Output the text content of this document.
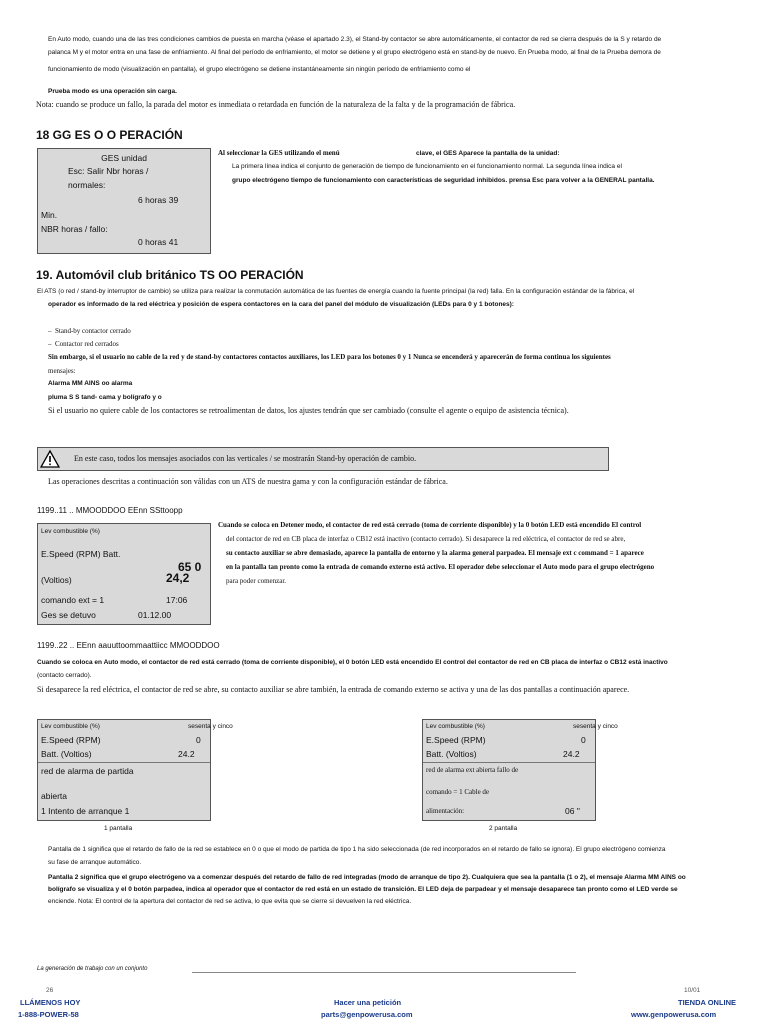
En Auto modo, cuando una de las tres condiciones cambios de puesta en marcha (véase el apartado 2.3), el Stand-by contactor se abre automáticamente, el contactor de red se cierra después de la S y retardo de
palanca M y el motor entra en una fase de enfriamiento. Al final del período de enfriamiento, el motor se detiene y el grupo electrógeno está en stand-by de nuevo. En Prueba modo, al final de la Prueba demora de
funcionamiento de modo (visualización en pantalla), el grupo electrógeno se detiene instantáneamente sin ningún período de enfriamiento como el
Prueba modo es una operación sin carga.
Nota: cuando se produce un fallo, la parada del motor es inmediata o retardada en función de la naturaleza de la falta y de la programación de fábrica.
18 GG ES O O PERACIÓN
GES unidad
Esc: Salir Nbr horas /
normales:
6 horas 39
Min.
NBR horas / fallo:
0 horas 41
Al seleccionar la GES utilizando el menú	clave, el GES Aparece la pantalla de la unidad:
La primera línea indica el conjunto de generación de tiempo de funcionamiento en el funcionamiento normal. La segunda línea indica el
grupo electrógeno tiempo de funcionamiento con características de seguridad inhibidos. prensa Esc para volver a la GENERAL pantalla.
19. Automóvil club británico TS OO PERACIÓN
El ATS (o red / stand-by interruptor de cambio) se utiliza para realizar la conmutación automática de las fuentes de energía cuando la fuente principal (la red) falla. En la configuración estándar de la fábrica, el
operador es informado de la red eléctrica y posición de espera contactores en la cara del panel del módulo de visualización (LEDs para 0 y 1 botones):
–  Stand-by contactor cerrado
–  Contactor red cerrados
Sin embargo, si el usuario no cable de la red y de stand-by contactores contactos auxiliares, los LED para los botones 0 y 1 Nunca se encenderá y aparecerán de forma continua los siguientes
mensajes:
Alarma MM AINS oo alarma
pluma S S tand- cama y bolígrafo y o
Si el usuario no quiere cable de los contactores se retroalimentan de datos, los ajustes tendrán que ser cambiado (consulte el agente o equipo de asistencia técnica).
En este caso, todos los mensajes asociados con las verticales / se mostrarán Stand-by operación de cambio.
Las operaciones descritas a continuación son válidas con un ATS de nuestra gama y con la configuración estándar de fábrica.
1199..11 .. MMOODDOO EEnn SSttoopp
Lev combustible (%)
E.Speed (RPM) Batt.
65 0
(Voltios)	24,2
comando ext = 1	17:06
Ges se detuvo	01.12.00
Cuando se coloca en Detener modo, el contactor de red está cerrado (toma de corriente disponible) y la 0 botón LED está encendido El control
del contactor de red en CB placa de interfaz o CB12 está inactivo (contacto cerrado). Si desaparece la red eléctrica, el contactor de red se abre,
su contacto auxiliar se abre demasiado, aparece la pantalla de entorno y la alarma general parpadea. El mensaje ext c command = 1 aparece
en la pantalla tan pronto como la entrada de comando externo está activo. El operador debe seleccionar el Auto modo para el grupo electrógeno
para poder comenzar.
1199..22 .. EEnn aauuttoommaattiicc MMOODDOO
Cuando se coloca en Auto modo, el contactor de red está cerrado (toma de corriente disponible), el 0 botón LED está encendido El control del contactor de red en CB placa de interfaz o CB12 está inactivo
(contacto cerrado).
Si desaparece la red eléctrica, el contactor de red se abre, su contacto auxiliar se abre también, la entrada de comando externo se activa y una de las dos pantallas a continuación aparece.
Lev combustible (%)	sesenta y cinco
E.Speed (RPM)	0
Batt. (Voltios)	24.2
red de alarma de partida
abierta
1 Intento de arranque 1
1 pantalla
Lev combustible (%)	sesenta y cinco
E.Speed (RPM)	0
Batt. (Voltios)	24.2
red de alarma ext abierta fallo de
comando = 1 Cable de
alimentación:	06 "
2 pantalla
Pantalla de 1 significa que el retardo de fallo de la red se establece en 0 o que el modo de partida de tipo 1 ha sido seleccionada (de red incorporados en el retardo de fallo se ignora). El grupo electrógeno comienza
su fase de arranque automático.
Pantalla 2 significa que el grupo electrógeno va a comenzar después del retardo de fallo de red integradas (modo de arranque de tipo 2). Cualquiera que sea la pantalla (1 o 2), el mensaje Alarma MM AINS oo
bolígrafo se visualiza y el 0 botón parpadea, indica al operador que el contactor de red está en un estado de transición. El LED deja de parpadear y el mensaje desaparece tan pronto como el LED verde se
enciende. Nota: El control de la apertura del contactor de red se activa, lo que evita que se cierre si devuelven la red eléctrica.
La generación de trabajo con un conjunto
26	10/01
LLÁMENOS HOY
1-888-POWER-58
Hacer una petición
parts@genpowerusa.com
TIENDA ONLINE
www.genpowerusa.com
